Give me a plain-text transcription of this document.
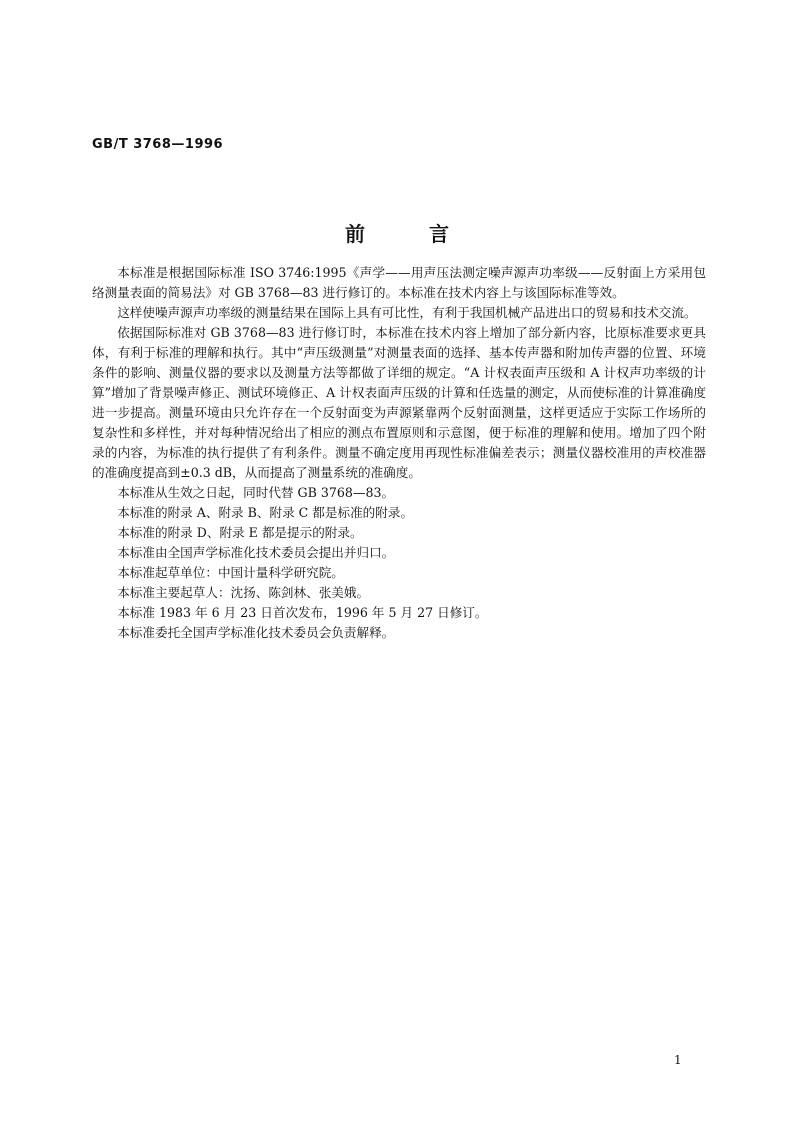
GB/T 3768—1996
前言

本标准是根据国际标准 ISO 3746:1995《声学——用声压法测定噪声源声功率级——反射面上方采用包络测量表面的简易法》对 GB 3768—83 进行修订的。本标准在技术内容上与该国际标准等效。

这样使噪声源声功率级的测量结果在国际上具有可比性，有利于我国机械产品进出口的贸易和技术交流。

依据国际标准对 GB 3768—83 进行修订时，本标准在技术内容上增加了部分新内容，比原标准要求更具体，有利于标准的理解和执行。其中“声压级测量”对测量表面的选择、基本传声器和附加传声器的位置、环境条件的影响、测量仪器的要求以及测量方法等都做了详细的规定。“A 计权表面声压级和 A 计权声功率级的计算”增加了背景噪声修正、测试环境修正、A 计权表面声压级的计算和任选量的测定，从而使标准的计算准确度进一步提高。测量环境由只允许存在一个反射面变为声源紧靠两个反射面测量，这样更适应于实际工作场所的复杂性和多样性，并对每种情况给出了相应的测点布置原则和示意图，便于标准的理解和使用。增加了四个附录的内容，为标准的执行提供了有利条件。测量不确定度用再现性标准偏差表示；测量仪器校准用的声校准器的准确度提高到±0.3 dB，从而提高了测量系统的准确度。

本标准从生效之日起，同时代替 GB 3768—83。

本标准的附录 A、附录 B、附录 C 都是标准的附录。

本标准的附录 D、附录 E 都是提示的附录。

本标准由全国声学标准化技术委员会提出并归口。

本标准起草单位：中国计量科学研究院。

本标准主要起草人：沈扬、陈剑林、张美娥。

本标准 1983 年 6 月 23 日首次发布，1996 年 5 月 27 日修订。

本标准委托全国声学标准化技术委员会负责解释。

1
